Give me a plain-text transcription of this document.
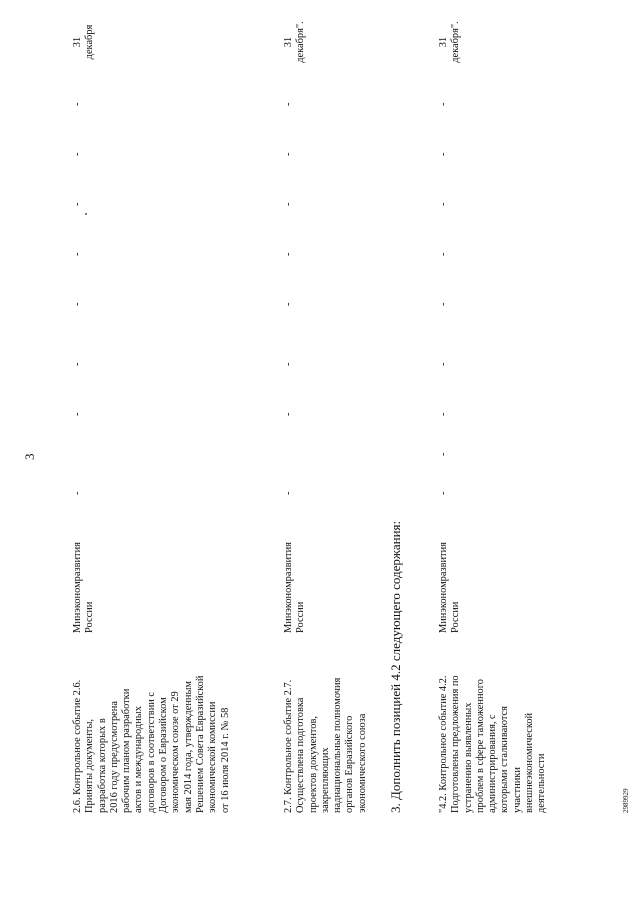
3
2.6. Контрольное событие 2.6. Приняты документы, разработка которых в 2016 году предусмотрена рабочим планом разработки актов и международных договоров в соответствии с Договором о Евразийском экономическом союзе от 29 мая 2014 года, утвержденным Решением Совета Евразийской экономической комиссии от 16 июля 2014 г. № 58
Минэкономразвития России
-
-
-
-
-
-
-
-
31 декабря
2.7. Контрольное событие 2.7. Осуществлена подготовка проектов документов, закрепляющих наднациональные полномочия органов Евразийского экономического союза
Минэкономразвития России
-
-
-
-
-
-
-
-
31 декабря".
3. Дополнить позицией 4.2 следующего содержания:	"4.2. Контрольное событие 4.2. Подготовлены предложения по устранению выявленных проблем в сфере таможенного администрирования, с которыми сталкиваются участники внешнеэкономической деятельности
Минэкономразвития России
-
-
-
-
-
-
-
-
-
31 декабря".
2989929
